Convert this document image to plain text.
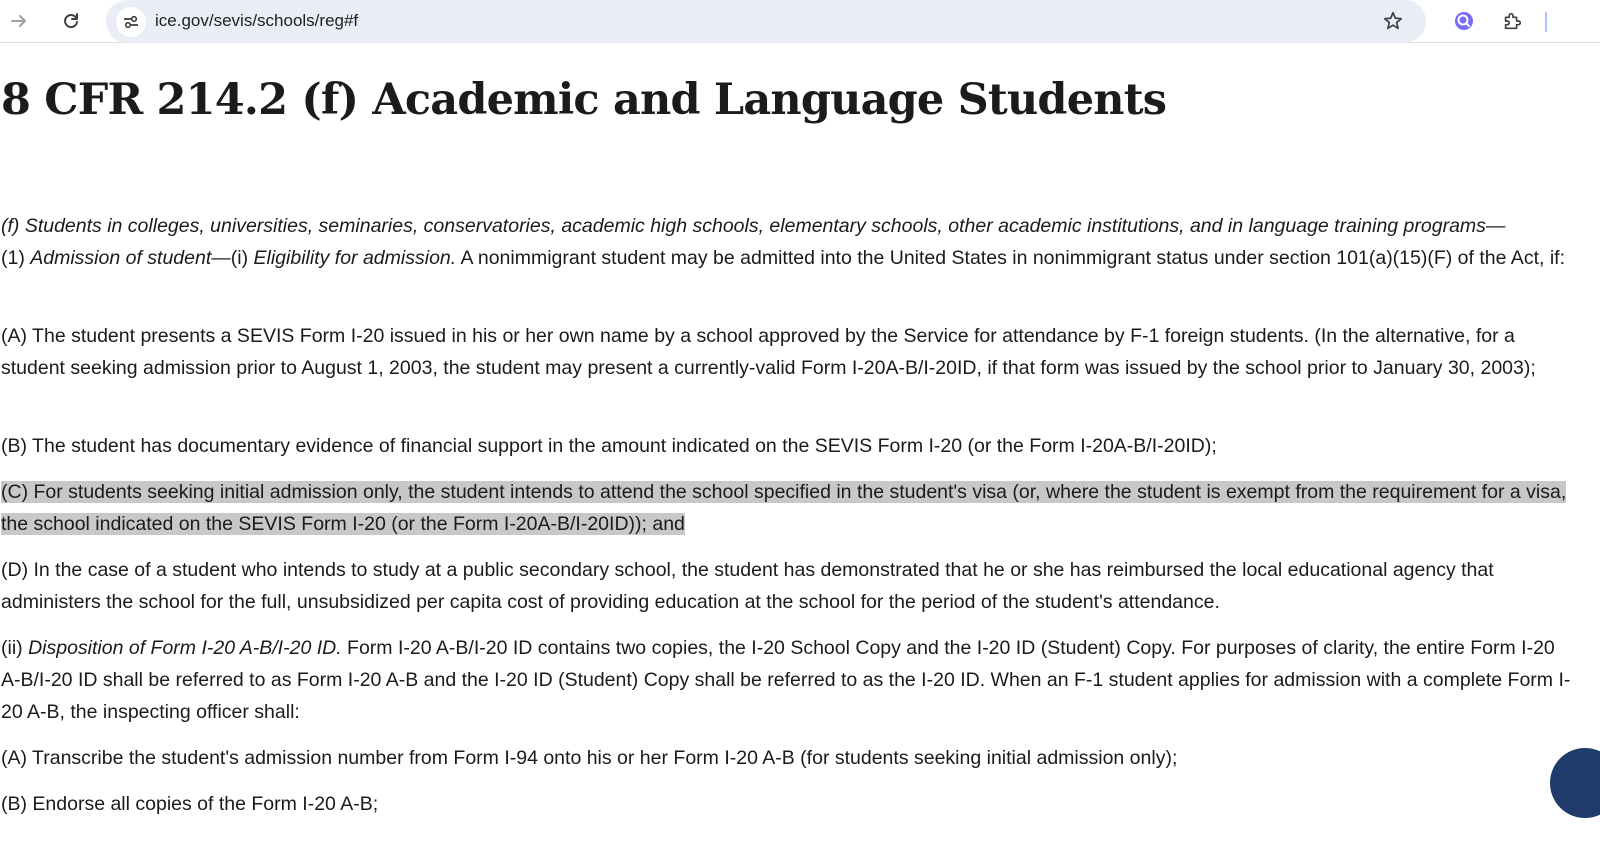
ice.gov/sevis/schools/reg#f
8 CFR 214.2 (f) Academic and Language Students

(f) Students in colleges, universities, seminaries, conservatories, academic high schools, elementary schools, other academic institutions, and in language training programs—
(1) Admission of student—(i) Eligibility for admission. A nonimmigrant student may be admitted into the United States in nonimmigrant status under section 101(a)(15)(F) of the Act, if:

(A) The student presents a SEVIS Form I-20 issued in his or her own name by a school approved by the Service for attendance by F-1 foreign students. (In the alternative, for a student seeking admission prior to August 1, 2003, the student may present a currently-valid Form I-20A-B/I-20ID, if that form was issued by the school prior to January 30, 2003);

(B) The student has documentary evidence of financial support in the amount indicated on the SEVIS Form I-20 (or the Form I-20A-B/I-20ID);

(C) For students seeking initial admission only, the student intends to attend the school specified in the student's visa (or, where the student is exempt from the requirement for a visa, the school indicated on the SEVIS Form I-20 (or the Form I-20A-B/I-20ID)); and

(D) In the case of a student who intends to study at a public secondary school, the student has demonstrated that he or she has reimbursed the local educational agency that administers the school for the full, unsubsidized per capita cost of providing education at the school for the period of the student's attendance.

(ii) Disposition of Form I-20 A-B/I-20 ID. Form I-20 A-B/I-20 ID contains two copies, the I-20 School Copy and the I-20 ID (Student) Copy. For purposes of clarity, the entire Form I-20 A-B/I-20 ID shall be referred to as Form I-20 A-B and the I-20 ID (Student) Copy shall be referred to as the I-20 ID. When an F-1 student applies for admission with a complete Form I-20 A-B, the inspecting officer shall:

(A) Transcribe the student's admission number from Form I-94 onto his or her Form I-20 A-B (for students seeking initial admission only);

(B) Endorse all copies of the Form I-20 A-B;
